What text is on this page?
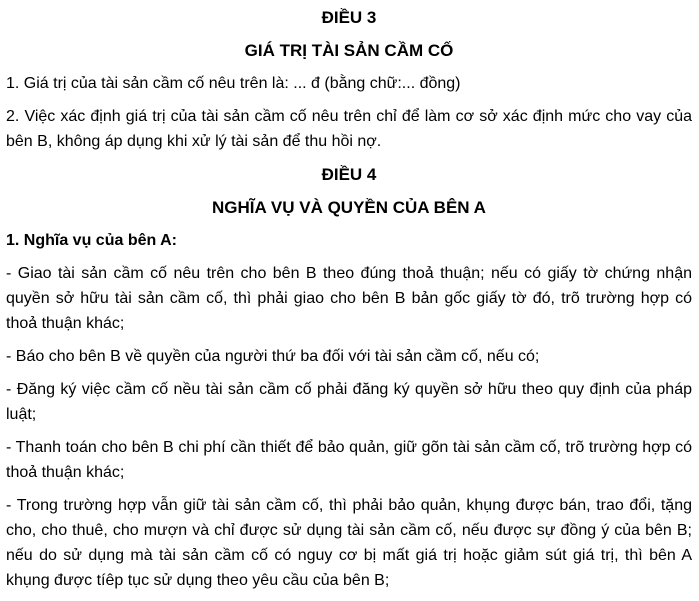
ĐIỀU 3
GIÁ TRỊ TÀI SẢN CẦM CỐ

1. Giá trị của tài sản cầm cố nêu trên là: ... đ (bằng chữ:... đồng)

2. Việc xác định giá trị của tài sản cầm cố nêu trên chỉ để làm cơ sở xác định mức cho vay của bên B, không áp dụng khi xử lý tài sản để thu hồi nợ.

ĐIỀU 4
NGHĨA VỤ VÀ QUYỀN CỦA BÊN A

1. Nghĩa vụ của bên A:

- Giao tài sản cầm cố nêu trên cho bên B theo đúng thoả thuận; nếu có giấy tờ chứng nhận quyền sở hữu tài sản cầm cố, thì phải giao cho bên B bản gốc giấy tờ đó, trõ trường hợp có thoả thuận khác;

- Báo cho bên B về quyền của người thứ ba đối với tài sản cầm cố, nếu có;

- Đăng ký việc cầm cố nều tài sản cầm cố phải đăng ký quyền sở hữu theo quy định của pháp luật;

- Thanh toán cho bên B chi phí cần thiết để bảo quản, giữ gõn tài sản cầm cố, trõ trường hợp có thoả thuận khác;

- Trong trường hợp vẫn giữ tài sản cầm cố, thì phải bảo quản, khụng được bán, trao đổi, tặng cho, cho thuê, cho mượn và chỉ được sử dụng tài sản cầm cố, nếu được sự đồng ý của bên B; nếu do sử dụng mà tài sản cầm cố có nguy cơ bị mất giá trị hoặc giảm sút giá trị, thì bên A khụng được tíêp tục sử dụng theo yêu cầu của bên B;
